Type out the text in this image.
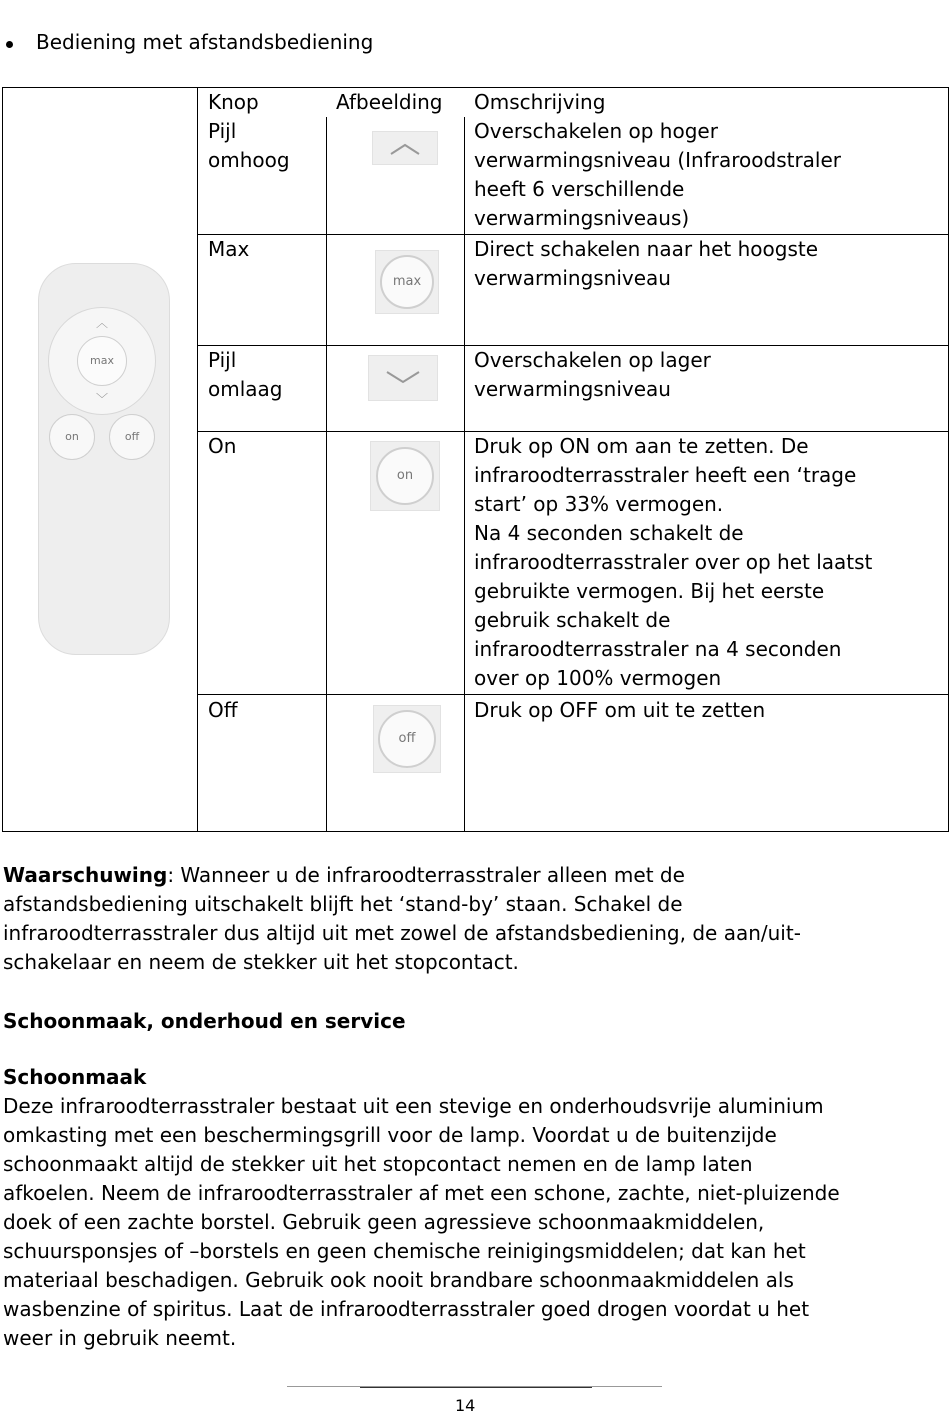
Bediening met afstandsbediening
Knop	Afbeelding Omschrijving
Pijl
omhoog
Overschakelen op hoger
verwarmingsniveau (Infraroodstraler
heeft 6 verschillende
verwarmingsniveaus)
Max
max
Direct schakelen naar het hoogste
verwarmingsniveau
Pijl
omlaag
Overschakelen op lager
verwarmingsniveau
On
on
Druk op ON om aan te zetten. De
infraroodterrasstraler heeft een ‘trage
start’ op 33% vermogen.
Na 4 seconden schakelt de
infraroodterrasstraler over op het laatst
gebruikte vermogen. Bij het eerste
gebruik schakelt de
infraroodterrasstraler na 4 seconden
over op 100% vermogen
Off
off
Druk op OFF om uit te zetten
︿
max
﹀
on	off
Waarschuwing: Wanneer u de infraroodterrasstraler alleen met de
afstandsbediening uitschakelt blijft het ‘stand-by’ staan. Schakel de
infraroodterrasstraler dus altijd uit met zowel de afstandsbediening, de aan/uit-
schakelaar en neem de stekker uit het stopcontact.
Schoonmaak, onderhoud en service
Schoonmaak
Deze infraroodterrasstraler bestaat uit een stevige en onderhoudsvrije aluminium
omkasting met een beschermingsgrill voor de lamp. Voordat u de buitenzijde
schoonmaakt altijd de stekker uit het stopcontact nemen en de lamp laten
afkoelen. Neem de infraroodterrasstraler af met een schone, zachte, niet-pluizende
doek of een zachte borstel. Gebruik geen agressieve schoonmaakmiddelen,
schuursponsjes of –borstels en geen chemische reinigingsmiddelen; dat kan het
materiaal beschadigen. Gebruik ook nooit brandbare schoonmaakmiddelen als
wasbenzine of spiritus. Laat de infraroodterrasstraler goed drogen voordat u het
weer in gebruik neemt.
14
